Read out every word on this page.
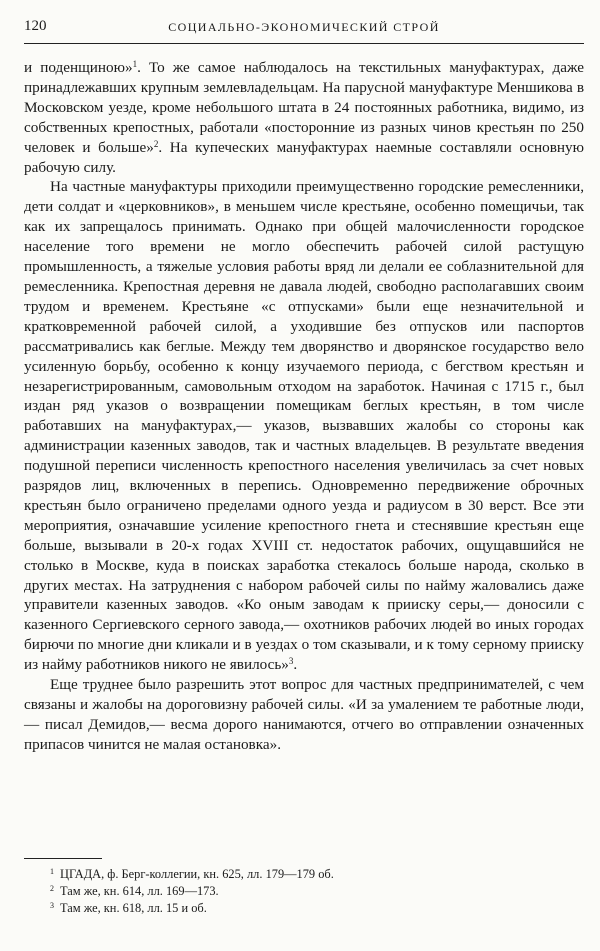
120	СОЦИАЛЬНО-ЭКОНОМИЧЕСКИЙ СТРОЙ

и поденщиною»$^1$. То же самое наблюдалось на текстильных мануфактурах, даже принадлежавших крупным землевладельцам. На парусной мануфактуре Меншикова в Московском уезде, кроме небольшого штата в 24 постоянных работника, видимо, из собственных крепостных, работали «посторонние из разных чинов крестьян по 250 человек и больше»$^2$. На купеческих мануфактурах наемные составляли основную рабочую силу.

На частные мануфактуры приходили преимущественно городские ремесленники, дети солдат и «церковников», в меньшем числе крестьяне, особенно помещичьи, так как их запрещалось принимать. Однако при общей малочисленности городское население того времени не могло обеспечить рабочей силой растущую промышленность, а тяжелые условия работы вряд ли делали ее соблазнительной для ремесленника. Крепостная деревня не давала людей, свободно располагавших своим трудом и временем. Крестьяне «с отпусками» были еще незначительной и кратковременной рабочей силой, а уходившие без отпусков или паспортов рассматривались как беглые. Между тем дворянство и дворянское государство вело усиленную борьбу, особенно к концу изучаемого периода, с бегством крестьян и незарегистрированным, самовольным отходом на заработок. Начиная с 1715 г., был издан ряд указов о возвращении помещикам беглых крестьян, в том числе работавших на мануфактурах,— указов, вызвавших жалобы со стороны как администрации казенных заводов, так и частных владельцев. В результате введения подушной переписи численность крепостного населения увеличилась за счет новых разрядов лиц, включенных в перепись. Одновременно передвижение оброчных крестьян было ограничено пределами одного уезда и радиусом в 30 верст. Все эти мероприятия, означавшие усиление крепостного гнета и стеснявшие крестьян еще больше, вызывали в 20-х годах XVIII ст. недостаток рабочих, ощущавшийся не столько в Москве, куда в поисках заработка стекалось больше народа, сколько в других местах. На затруднения с набором рабочей силы по найму жаловались даже управители казенных заводов. «Ко оным заводам к прииску серы,— доносили с казенного Сергиевского серного завода,— охотников рабочих людей во иных городах бирючи по многие дни кликали и в уездах о том сказывали, и к тому серному прииску из найму работников никого не явилось»$^3$.

Еще труднее было разрешить этот вопрос для частных предпринимателей, с чем связаны и жалобы на дороговизну рабочей силы. «И за умалением те работные люди,— писал Демидов,— весма дорого нанимаются, отчего во отправлении означенных припасов чинится не малая остановка».

$^1$ ЦГАДА, ф. Берг-коллегии, кн. 625, лл. 179—179 об.
$^2$ Там же, кн. 614, лл. 169—173.
$^3$ Там же, кн. 618, лл. 15 и об.
